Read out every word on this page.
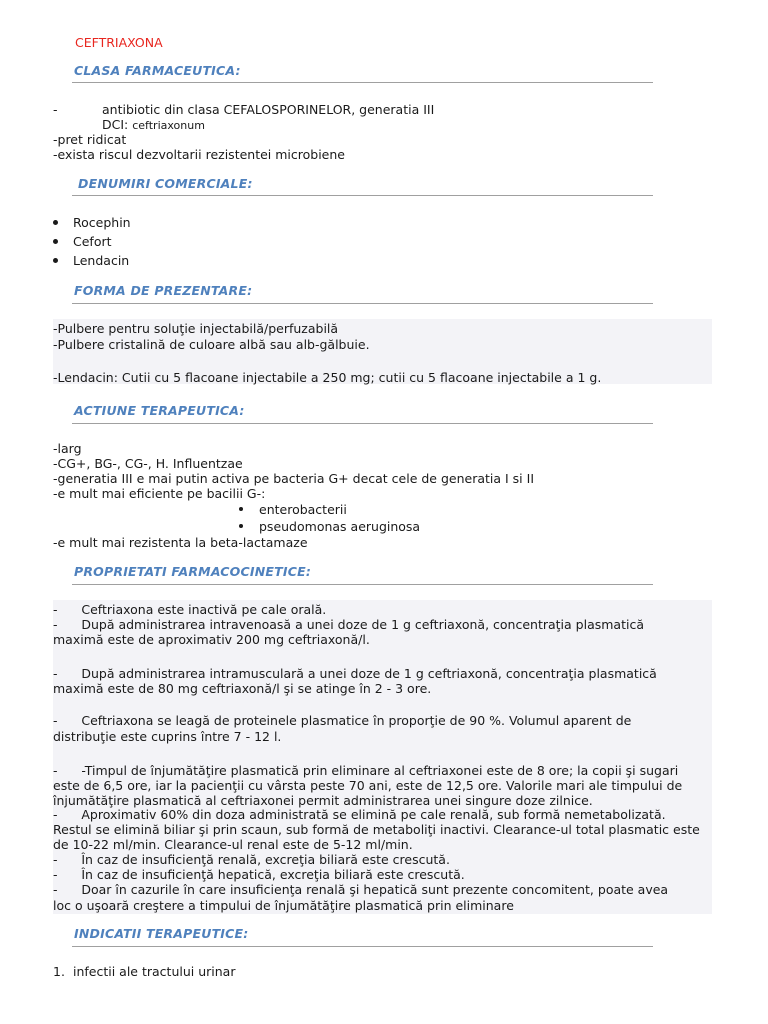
CEFTRIAXONA
CLASA FARMACEUTICA:
-	antibiotic din clasa CEFALOSPORINELOR, generatia III
DCI: ceftriaxonum
-pret ridicat
-exista riscul dezvoltarii rezistentei microbiene
DENUMIRI COMERCIALE:
Rocephin
Cefort
Lendacin
FORMA DE PREZENTARE:
-Pulbere pentru soluţie injectabilă/perfuzabilă
-Pulbere cristalină de culoare albă sau alb-gălbuie.
-Lendacin: Cutii cu 5 flacoane injectabile a 250 mg; cutii cu 5 flacoane injectabile a 1 g.
ACTIUNE TERAPEUTICA:
-larg
-CG+, BG-, CG-, H. Influentzae
-generatia III e mai putin activa pe bacteria G+ decat cele de generatia I si II
-e mult mai eficiente pe bacilii G-:
enterobacterii
pseudomonas aeruginosa
-e mult mai rezistenta la beta-lactamaze
PROPRIETATI FARMACOCINETICE:
-      Ceftriaxona este inactivă pe cale orală.
-      După administrarea intravenoasă a unei doze de 1 g ceftriaxonă, concentraţia plasmatică
maximă este de aproximativ 200 mg ceftriaxonă/l.
-      După administrarea intramusculară a unei doze de 1 g ceftriaxonă, concentraţia plasmatică
maximă este de 80 mg ceftriaxonă/l şi se atinge în 2 - 3 ore.
-      Ceftriaxona se leagă de proteinele plasmatice în proporţie de 90 %. Volumul aparent de
distribuţie este cuprins între 7 - 12 l.
-      -Timpul de înjumătăţire plasmatică prin eliminare al ceftriaxonei este de 8 ore; la copii şi sugari
este de 6,5 ore, iar la pacienţii cu vârsta peste 70 ani, este de 12,5 ore. Valorile mari ale timpului de
înjumătăţire plasmatică al ceftriaxonei permit administrarea unei singure doze zilnice.
-      Aproximativ 60% din doza administrată se elimină pe cale renală, sub formă nemetabolizată.
Restul se elimină biliar şi prin scaun, sub formă de metaboliţi inactivi. Clearance-ul total plasmatic este
de 10-22 ml/min. Clearance-ul renal este de 5-12 ml/min.
-      În caz de insuficienţă renală, excreţia biliară este crescută.
-      În caz de insuficienţă hepatică, excreţia biliară este crescută.
-      Doar în cazurile în care insuficienţa renală şi hepatică sunt prezente concomitent, poate avea
loc o uşoară creştere a timpului de înjumătăţire plasmatică prin eliminare
INDICATII TERAPEUTICE:
1. infectii ale tractului urinar
